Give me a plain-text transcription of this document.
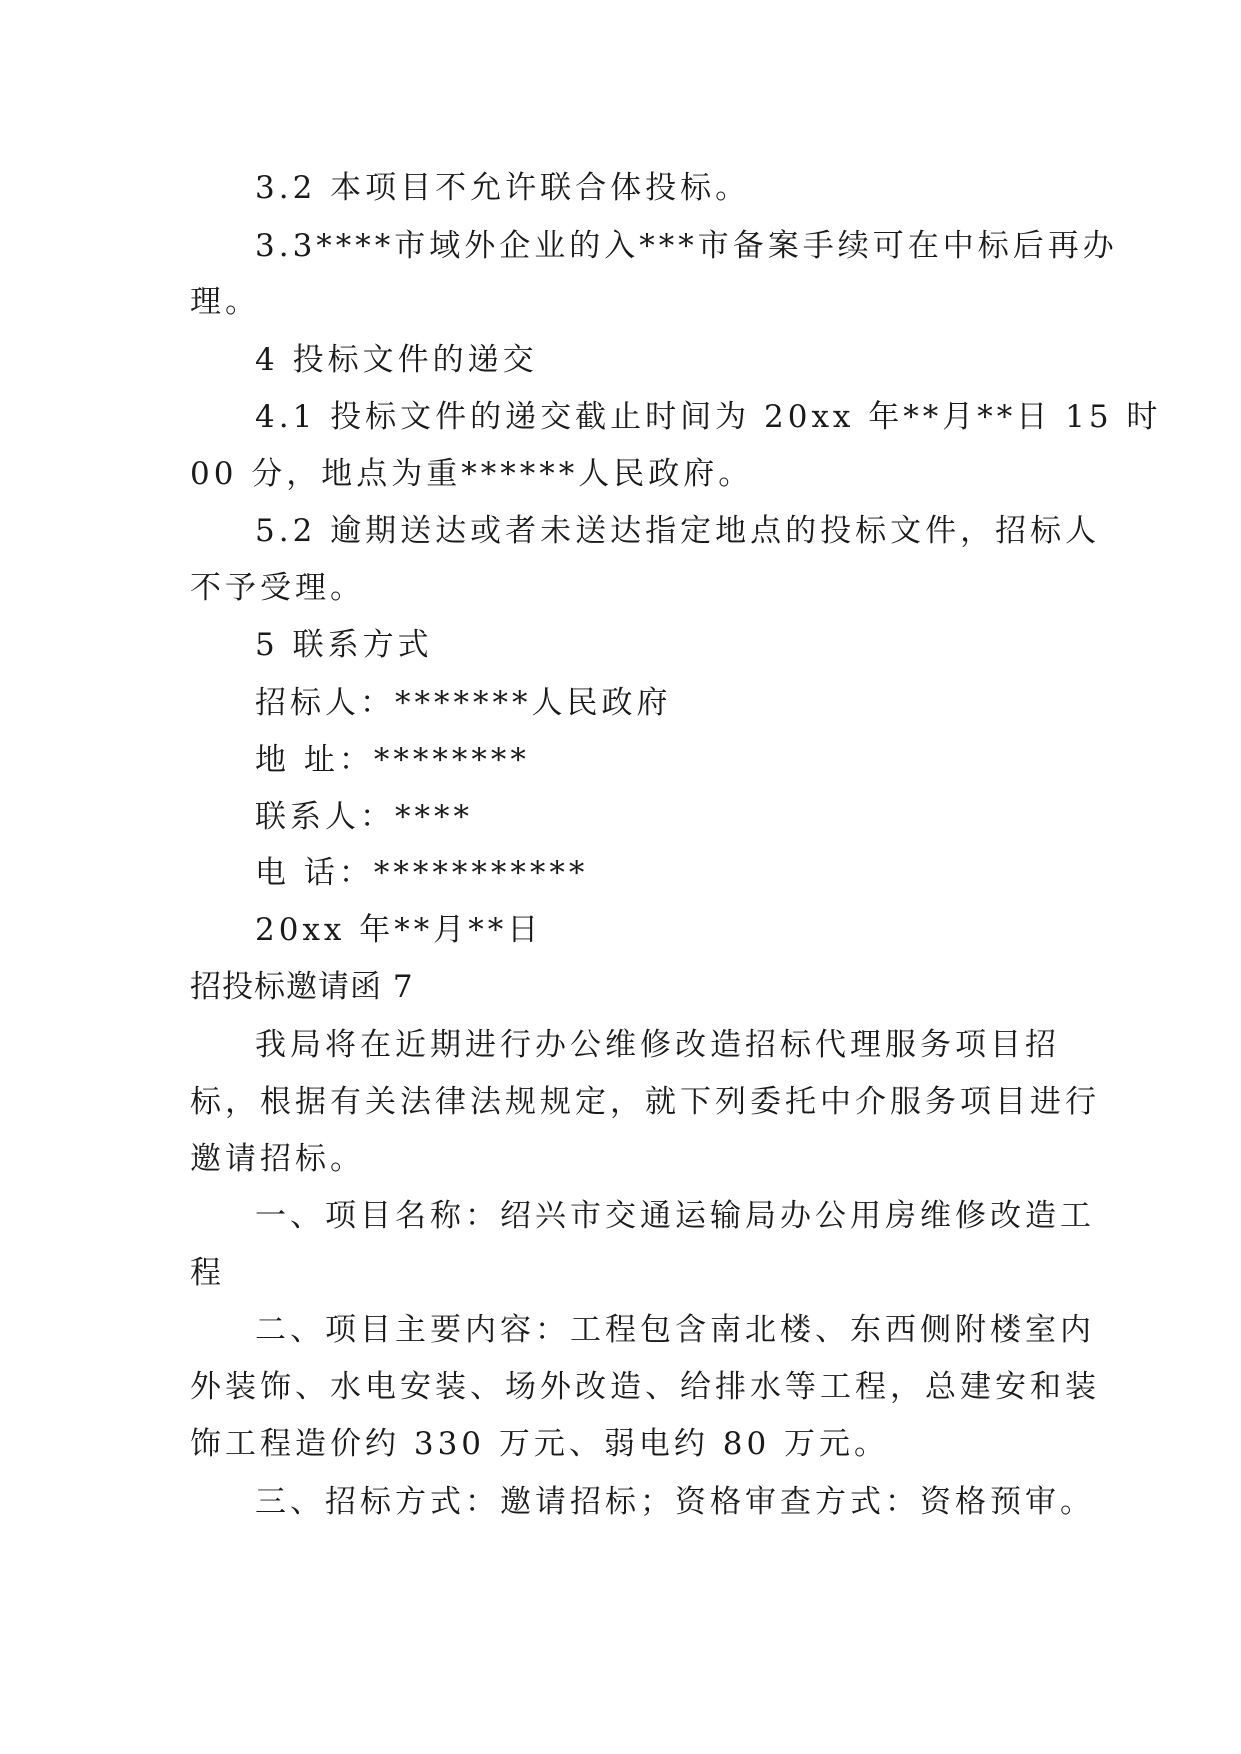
3.2 本项目不允许联合体投标。
3.3****市域外企业的入***市备案手续可在中标后再办
理。
4 投标文件的递交
4.1 投标文件的递交截止时间为 20xx 年**月**日 15 时
00 分，地点为重******人民政府。
5.2 逾期送达或者未送达指定地点的投标文件，招标人
不予受理。
5 联系方式
招标人：*******人民政府
地 址：********
联系人：****
电 话：***********
20xx 年**月**日
招投标邀请函 7
我局将在近期进行办公维修改造招标代理服务项目招
标，根据有关法律法规规定，就下列委托中介服务项目进行
邀请招标。
一、项目名称：绍兴市交通运输局办公用房维修改造工
程
二、项目主要内容：工程包含南北楼、东西侧附楼室内
外装饰、水电安装、场外改造、给排水等工程，总建安和装
饰工程造价约 330 万元、弱电约 80 万元。
三、招标方式：邀请招标；资格审查方式：资格预审。
